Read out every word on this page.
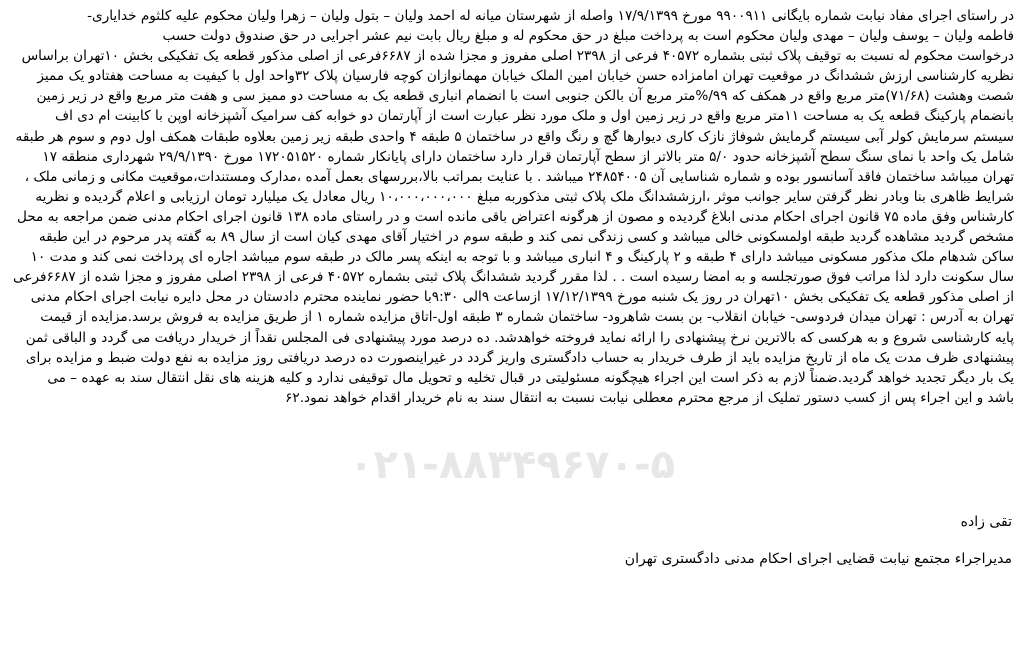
در راستای اجرای مفاد نیابت شماره بایگانی ۹۹۰۰۹۱۱ مورخ ۱۷/۹/۱۳۹۹ واصله از شهرستان میانه له احمد ولیان – بتول ولیان – زهرا ولیان محکوم علیه کلثوم خدایاری-
فاطمه ولیان – یوسف ولیان – مهدی ولیان محکوم است به پرداخت مبلغ در حق محکوم له و مبلغ ریال بابت نیم عشر اجرایی در حق صندوق دولت حسب
درخواست محکوم له نسبت به توقیف پلاک ثبتی بشماره ۴۰۵۷۲ فرعی از ۲۳۹۸ اصلی مفروز و مجزا شده از ۶۶۸۷فرعی از اصلی مذکور قطعه یک تفکیکی بخش ۱۰تهران براساس
نظریه کارشناسی ارزش ششدانگ در موقعیت تهران امامزاده حسن خیابان امین الملک خیابان مهمانوازان کوچه فارسیان پلاک ۳۲واحد اول با کیفیت به مساحت هفتادو یک ممیز
شصت وهشت (۷۱/۶۸)متر مربع واقع در همکف که ۹۹/%متر مربع آن بالکن جنوبی است با انضمام انباری قطعه یک به مساحت دو ممیز سی و هفت متر مربع واقع در زیر زمین
بانضمام پارکینگ قطعه یک به مساحت ۱۱متر مربع واقع در زیر زمین اول و ملک مورد نظر عبارت است از آپارتمان دو خوابه کف سرامیک آشپزخانه اوپن با کابینت ام دی اف
سیستم سرمایش کولر آبی سیستم گرمایش شوفاژ نازک کاری دیوارها گچ و رنگ واقع در ساختمان ۵ طبقه ۴ واحدی طبقه زیر زمین بعلاوه طبقات همکف اول دوم و سوم هر طبقه
شامل یک واحد با نمای سنگ سطح آشپزخانه حدود ۵/۰ متر بالاتر از سطح آپارتمان قرار دارد ساختمان دارای پایانکار شماره ۱۷۲۰۵۱۵۲۰ مورخ ۲۹/۹/۱۳۹۰ شهرداری منطقه ۱۷
تهران میباشد ساختمان فاقد آسانسور بوده و شماره شناسایی آن ۲۴۸۵۴۰۰۵ میباشد . با عنایت بمراتب بالا،بررسهای بعمل آمده ،مدارک ومستندات،موقعیت مکانی و زمانی ملک ،
شرایط ظاهری بنا وبادر نظر گرفتن سایر جوانب موثر ،ارزششدانگ ملک پلاک ثبتی مذکوربه مبلغ ۱۰،۰۰۰،۰۰۰،۰۰۰ ریال معادل یک میلیارد تومان ارزیابی و اعلام گردیده و نظریه
کارشناس وفق ماده ۷۵ قانون اجرای احکام مدنی ابلاغ گردیده و مصون از هرگونه اعتراض باقی مانده است و در راستای ماده ۱۳۸ قانون اجرای احکام مدنی ضمن مراجعه به محل
مشخص گردید مشاهده گردید طبقه اولمسکونی خالی میباشد و کسی زندگی نمی کند و طبقه سوم در اختیار آقای مهدی کیان است از سال ۸۹ به گفته پدر مرحوم در این طبقه
ساکن شدهام ملک مذکور مسکونی میباشد دارای ۴ طبقه و ۲ پارکینگ و ۴ انباری میباشد و با توجه به اینکه پسر مالک در طبقه سوم میباشد اجاره ای پرداخت نمی کند و مدت ۱۰
سال سکونت دارد لذا مراتب فوق صورتجلسه و به امضا رسیده است . . لذا مقرر گردید ششدانگ پلاک ثبتی بشماره ۴۰۵۷۲ فرعی از ۲۳۹۸ اصلی مفروز و مجزا شده از ۶۶۸۷فرعی
از اصلی مذکور قطعه یک تفکیکی بخش ۱۰تهران در روز یک شنبه مورخ ۱۷/۱۲/۱۳۹۹ ازساعت ۹الی ۹:۳۰با حضور نماینده محترم دادستان در محل دایره نیابت اجرای احکام مدنی
تهران به آدرس : تهران میدان فردوسی- خیابان انقلاب- بن بست شاهرود- ساختمان شماره ۳ طبقه اول-اتاق مزایده شماره ۱ از طریق مزایده به فروش برسد.مزایده از قیمت
پایه کارشناسی شروع و به هرکسی که بالاترین نرخ پیشنهادی را ارائه نماید فروخته خواهدشد. ده درصد مورد پیشنهادی فی المجلس نقداً از خریدار دریافت می گردد و الباقی ثمن
پیشنهادی ظرف مدت یک ماه از تاریخ مزایده باید از طرف خریدار به حساب دادگستری واریز گردد در غیراینصورت ده درصد دریافتی روز مزایده به نفع دولت ضبط و مزایده برای
یک بار دیگر تجدید خواهد گردید.ضمناً لازم به ذکر است این اجراء هیچگونه مسئولیتی در قبال تخلیه و تحویل مال توقیفی ندارد و کلیه هزینه های نقل انتقال سند به عهده – می
باشد و این اجراء پس از کسب دستور تملیک از مرجع محترم معطلی نیابت نسبت به انتقال سند به نام خریدار اقدام خواهد نمود.۶۲
۰۲۱-۸۸۳۴۹۶۷۰-۵
تقی زاده
مدیراجراء مجتمع نیابت قضایی اجرای احکام مدنی دادگستری تهران
